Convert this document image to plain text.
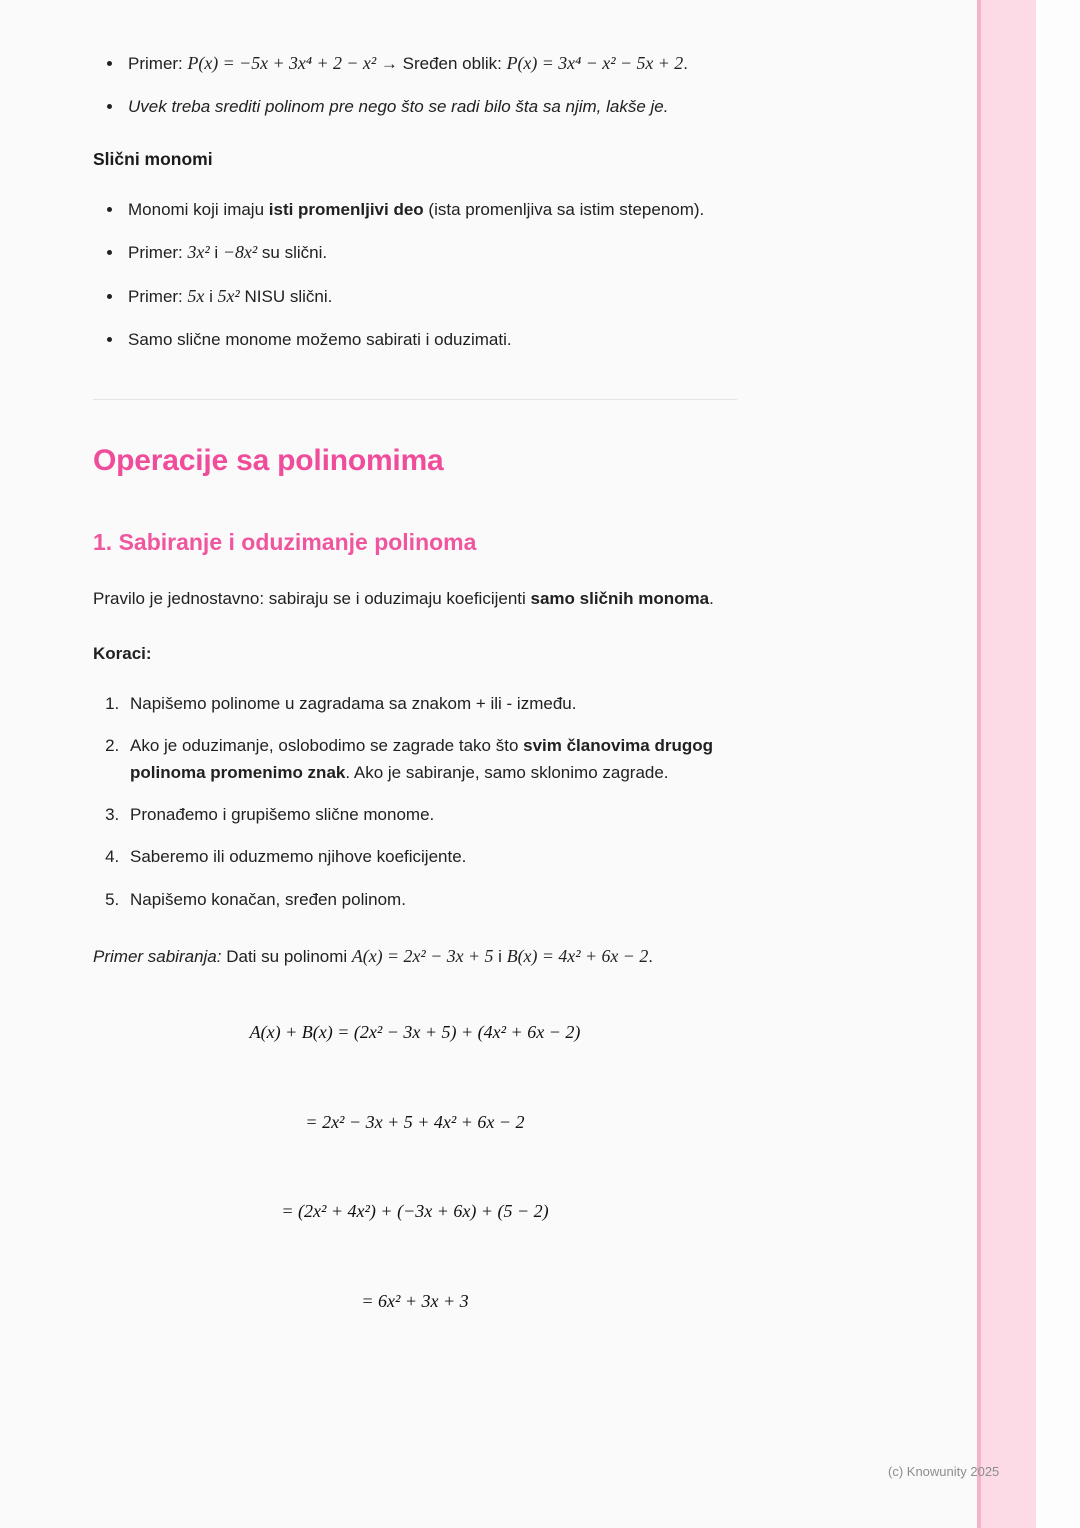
• Primer: P(x) = −5x + 3x⁴ + 2 − x² → Sređen oblik: P(x) = 3x⁴ − x² − 5x + 2.
• Uvek treba srediti polinom pre nego što se radi bilo šta sa njim, lakše je.
Slični monomi
• Monomi koji imaju isti promenljivi deo (ista promenljiva sa istim stepenom).
• Primer: 3x² i −8x² su slični.
• Primer: 5x i 5x² NISU slični.
• Samo slične monome možemo sabirati i oduzimati.
Operacije sa polinomima
1. Sabiranje i oduzimanje polinoma

Pravilo je jednostavno: sabiraju se i oduzimaju koeficijenti samo sličnih monoma.

Koraci:

1. Napišemo polinome u zagradama sa znakom + ili - između.
2. Ako je oduzimanje, oslobodimo se zagrade tako što svim članovima drugog polinoma promenimo znak. Ako je sabiranje, samo sklonimo zagrade.
3. Pronađemo i grupišemo slične monome.
4. Saberemo ili oduzmemo njihove koeficijente.
5. Napišemo konačan, sređen polinom.

Primer sabiranja: Dati su polinomi A(x) = 2x² − 3x + 5 i B(x) = 4x² + 6x − 2.

A(x) + B(x) = (2x² − 3x + 5) + (4x² + 6x − 2)
= 2x² − 3x + 5 + 4x² + 6x − 2
= (2x² + 4x²) + (−3x + 6x) + (5 − 2)
= 6x² + 3x + 3
(c) Knowunity 2025
